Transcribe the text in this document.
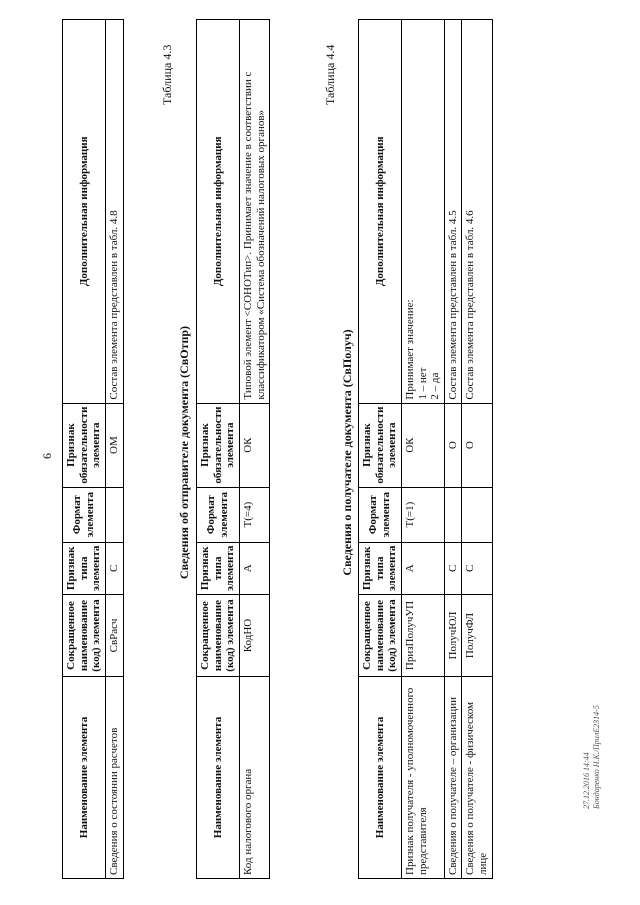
6
Наименование элемента	Сокращенное наименование (код) элемента	Признак типа элемента	Формат элемента	Признак обязательности элемента	Дополнительная информация
Сведения о состоянии расчетов	СвРасч	С		ОМ	Состав элемента представлен в табл. 4.8
Таблица 4.3
Сведения об отправителе документа (СвОтпр)
Наименование элемента	Сокращенное наименование (код) элемента	Признак типа элемента	Формат элемента	Признак обязательности элемента	Дополнительная информация
Код налогового органа	КодНО	А	T(=4)	ОК	Типовой элемент <СОНОТип>. Принимает значение в соответствии с классификатором «Система обозначений налоговых органов»
Таблица 4.4
Сведения о получателе документа (СвПолуч)
Наименование элемента	Сокращенное наименование (код) элемента	Признак типа элемента	Формат элемента	Признак обязательности элемента	Дополнительная информация
Признак получателя - уполномоченного представителя	ПризПолучУП	А	T(=1)	ОК	Принимает значение: 1 – нет 2 – да

Сведения о получателе – организации	ПолучЮЛ	С		О	Состав элемента представлен в табл. 4.5
Сведения о получателе - физическом лице	ПолучФЛ	С		О	Состав элемента представлен в табл. 4.6
27.12.2016 14:44 Бондаренко Н.К./ПрилЕ2314-5
